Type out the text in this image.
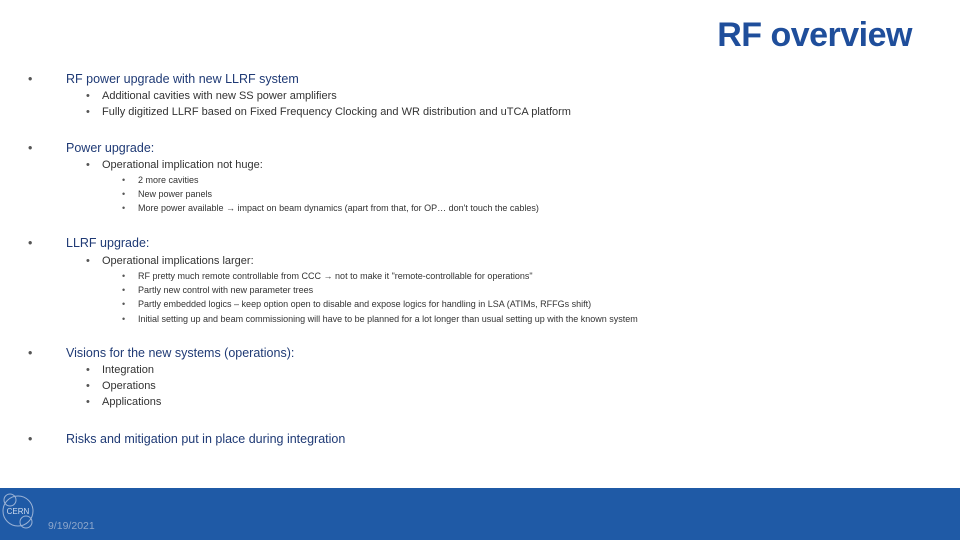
RF overview
•	RF power upgrade with new LLRF system
• Additional cavities with new SS power amplifiers
• Fully digitized LLRF based on Fixed Frequency Clocking and WR distribution and uTCA platform
•	Power upgrade:
• Operational implication not huge:
• 2 more cavities
• New power panels
• More power available → impact on beam dynamics (apart from that, for OP… don't touch the cables)
•	LLRF upgrade:
• Operational implications larger:
• RF pretty much remote controllable from CCC → not to make it "remote-controllable for operations"
• Partly new control with new parameter trees
• Partly embedded logics – keep option open to disable and expose logics for handling in LSA (ATIMs, RFFGs shift)
• Initial setting up and beam commissioning will have to be planned for a lot longer than usual setting up with the known system
•	Visions for the new systems (operations):
• Integration
• Operations
• Applications
•	Risks and mitigation put in place during integration
CERN
9/19/2021
